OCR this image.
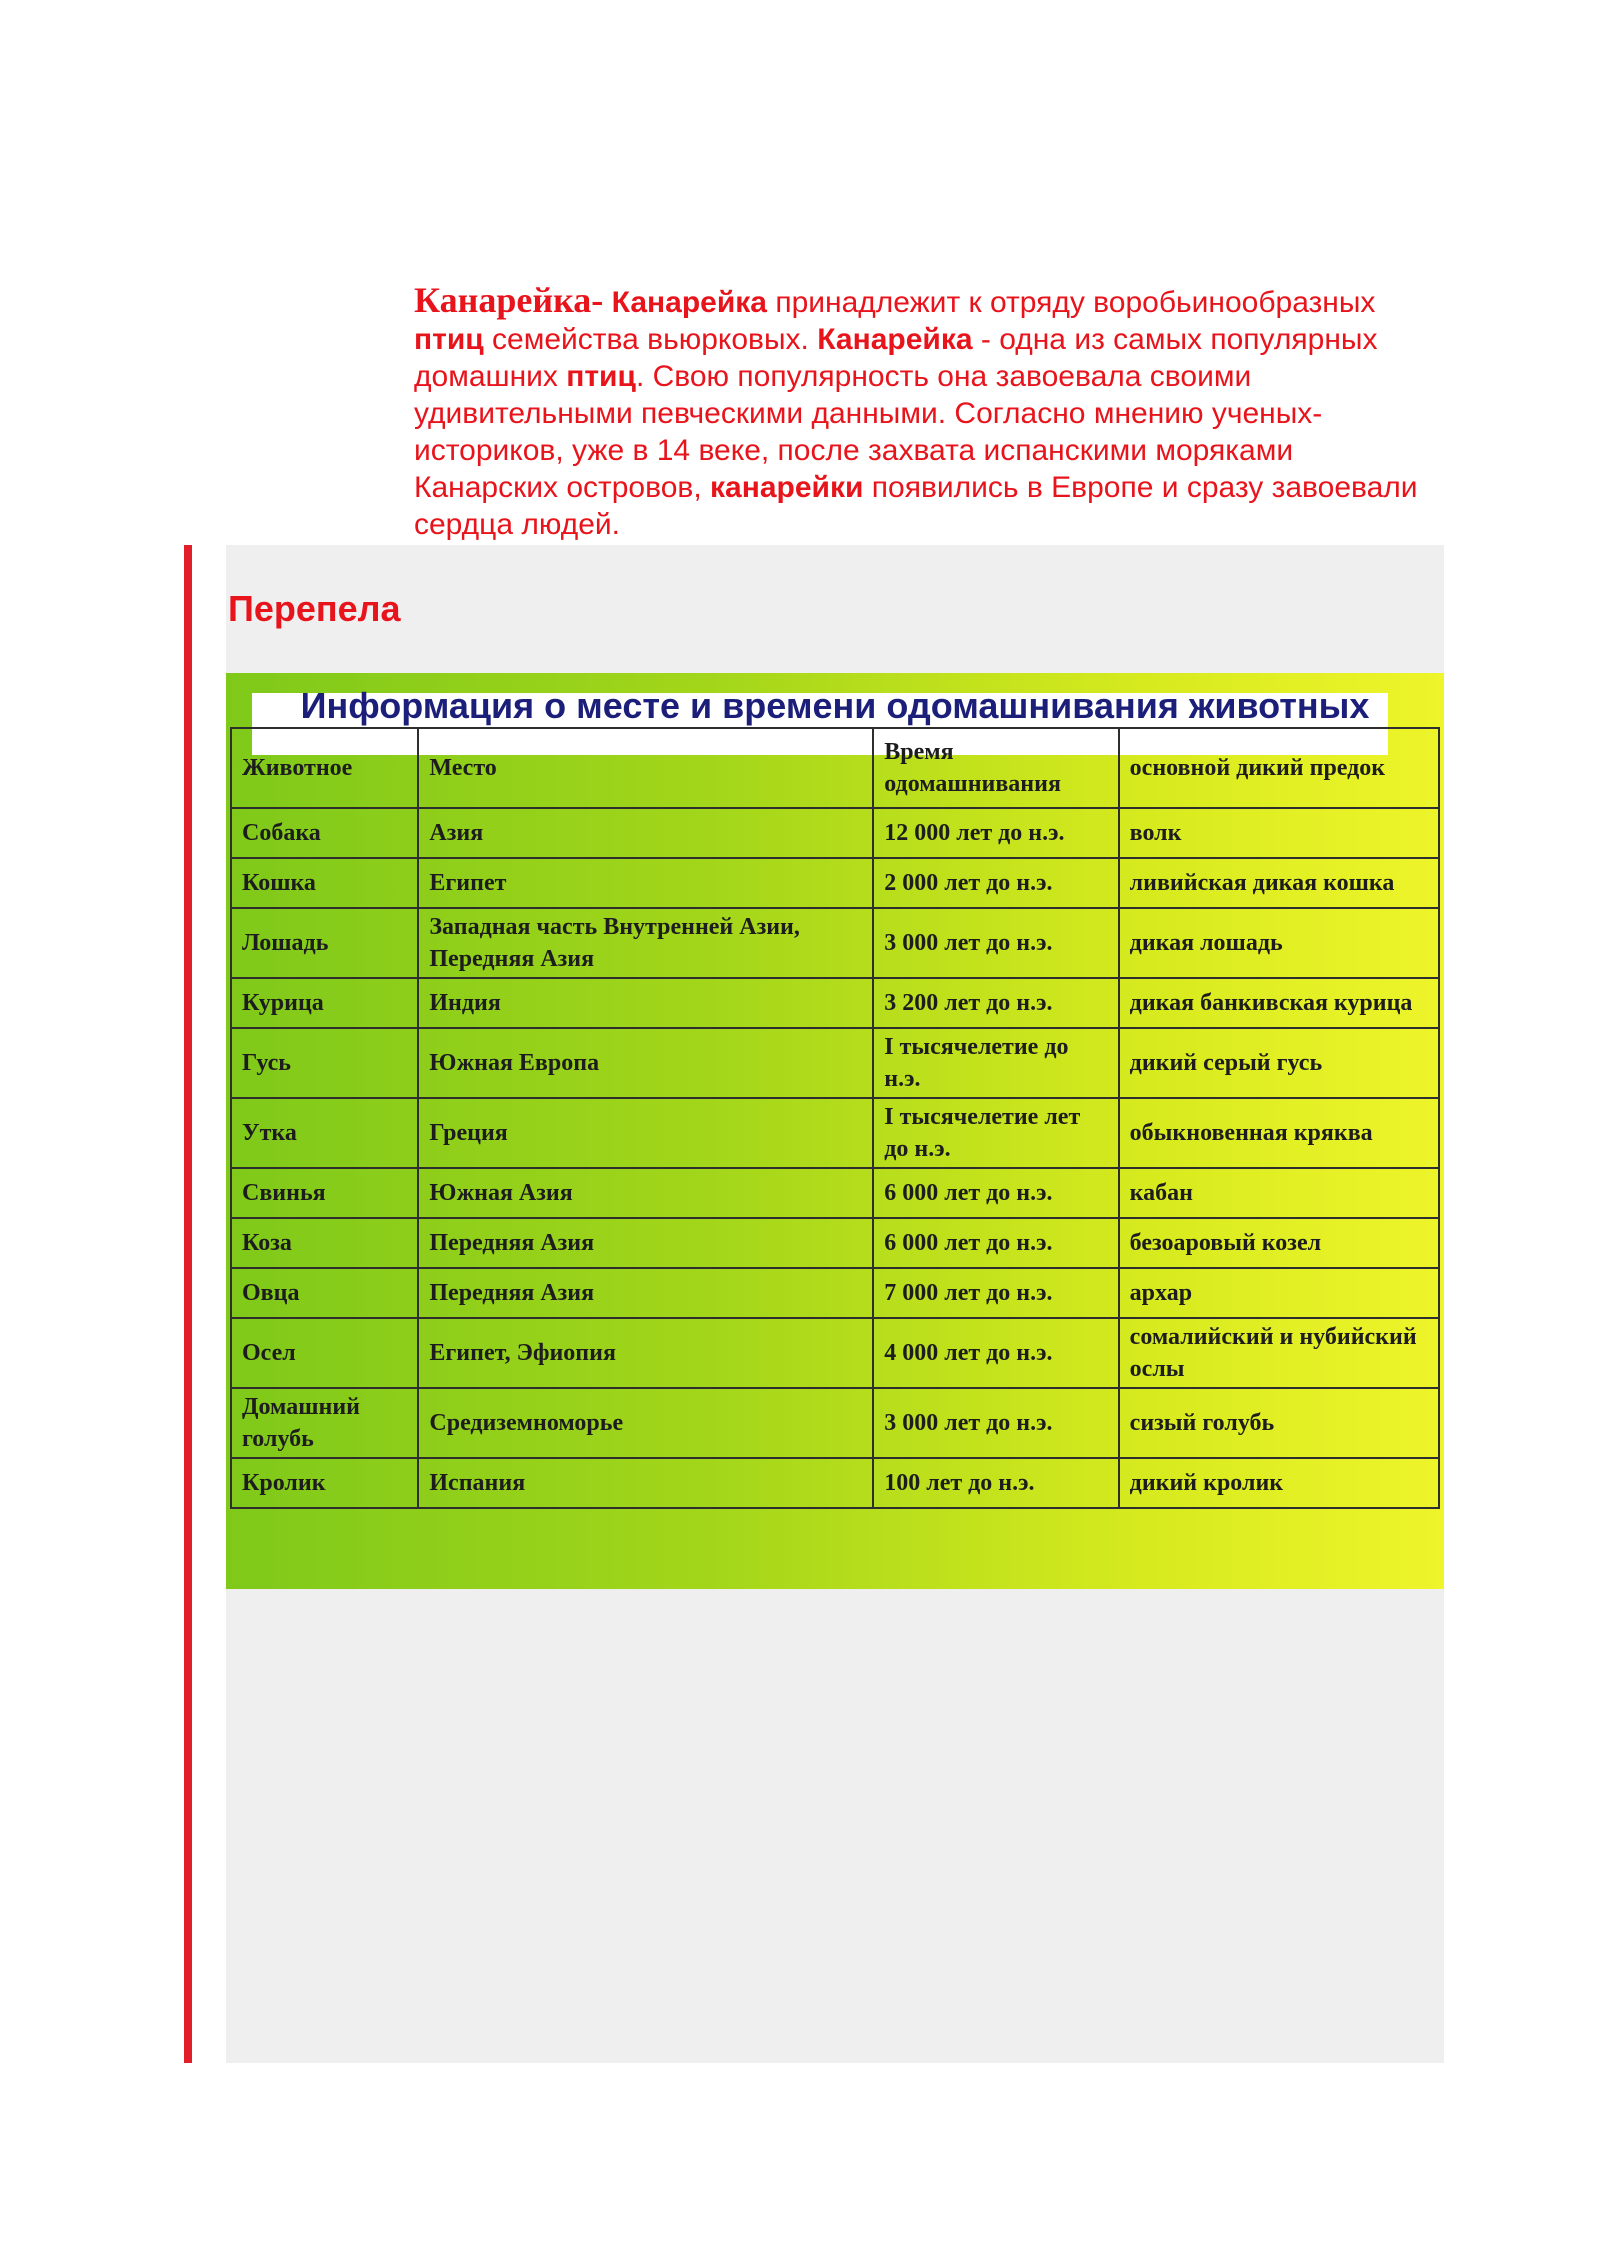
Канарейка- Канарейка принадлежит к отряду воробьинообразных птиц семейства вьюрковых. Канарейка - одна из самых популярных домашних птиц. Свою популярность она завоевала своими удивительными певческими данными. Согласно мнению ученых-историков, уже в 14 веке, после захвата испанскими моряками Канарских островов, канарейки появились в Европе и сразу завоевали сердца людей.
Перепела
Животное	Место	Время одомашнивания	основной дикий предок
Собака	Азия	12 000 лет до н.э.	волк
Кошка	Египет	2 000 лет до н.э.	ливийская дикая кошка
Лошадь	Западная часть Внутренней Азии, Передняя Азия	3 000 лет до н.э.	дикая лошадь
Курица	Индия	3 200 лет до н.э.	дикая банкивская курица
Гусь	Южная Европа	I тысячелетие до н.э.	дикий серый гусь
Утка	Греция	I тысячелетие лет до н.э.	обыкновенная кряква
Свинья	Южная Азия	6 000 лет до н.э.	кабан
Коза	Передняя Азия	6 000 лет до н.э.	безоаровый козел
Овца	Передняя Азия	7 000 лет до н.э.	архар
Осел	Египет, Эфиопия	4 000 лет до н.э.	сомалийский и нубийский ослы
Домашний голубь	Средиземноморье	3 000 лет до н.э.	сизый голубь
Кролик	Испания	100 лет до н.э.	дикий кролик
Информация о месте и времени одомашнивания животных
